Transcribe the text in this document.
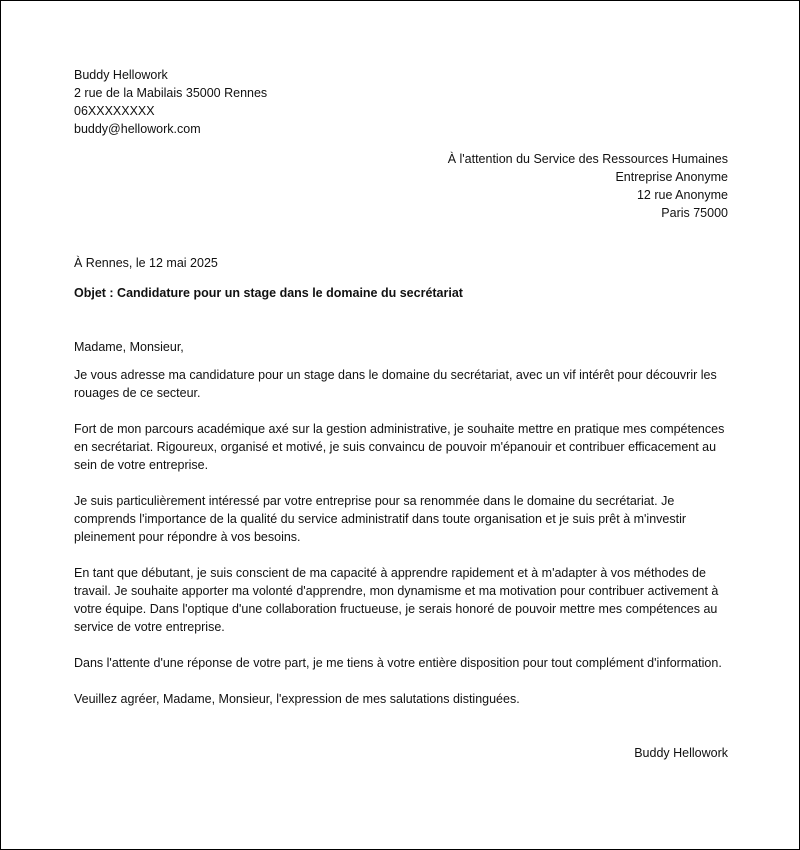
Buddy Hellowork
2 rue de la Mabilais 35000 Rennes
06XXXXXXXX
buddy@hellowork.com
À l'attention du Service des Ressources Humaines
Entreprise Anonyme
12 rue Anonyme
Paris 75000
À Rennes, le 12 mai 2025
Objet : Candidature pour un stage dans le domaine du secrétariat
Madame, Monsieur,

Je vous adresse ma candidature pour un stage dans le domaine du secrétariat, avec un vif intérêt pour découvrir les rouages de ce secteur.

Fort de mon parcours académique axé sur la gestion administrative, je souhaite mettre en pratique mes compétences en secrétariat. Rigoureux, organisé et motivé, je suis convaincu de pouvoir m'épanouir et contribuer efficacement au sein de votre entreprise.

Je suis particulièrement intéressé par votre entreprise pour sa renommée dans le domaine du secrétariat. Je comprends l'importance de la qualité du service administratif dans toute organisation et je suis prêt à m'investir pleinement pour répondre à vos besoins.

En tant que débutant, je suis conscient de ma capacité à apprendre rapidement et à m'adapter à vos méthodes de travail. Je souhaite apporter ma volonté d'apprendre, mon dynamisme et ma motivation pour contribuer activement à votre équipe. Dans l'optique d'une collaboration fructueuse, je serais honoré de pouvoir mettre mes compétences au service de votre entreprise.

Dans l'attente d'une réponse de votre part, je me tiens à votre entière disposition pour tout complément d'information.

Veuillez agréer, Madame, Monsieur, l'expression de mes salutations distinguées.

Buddy Hellowork
